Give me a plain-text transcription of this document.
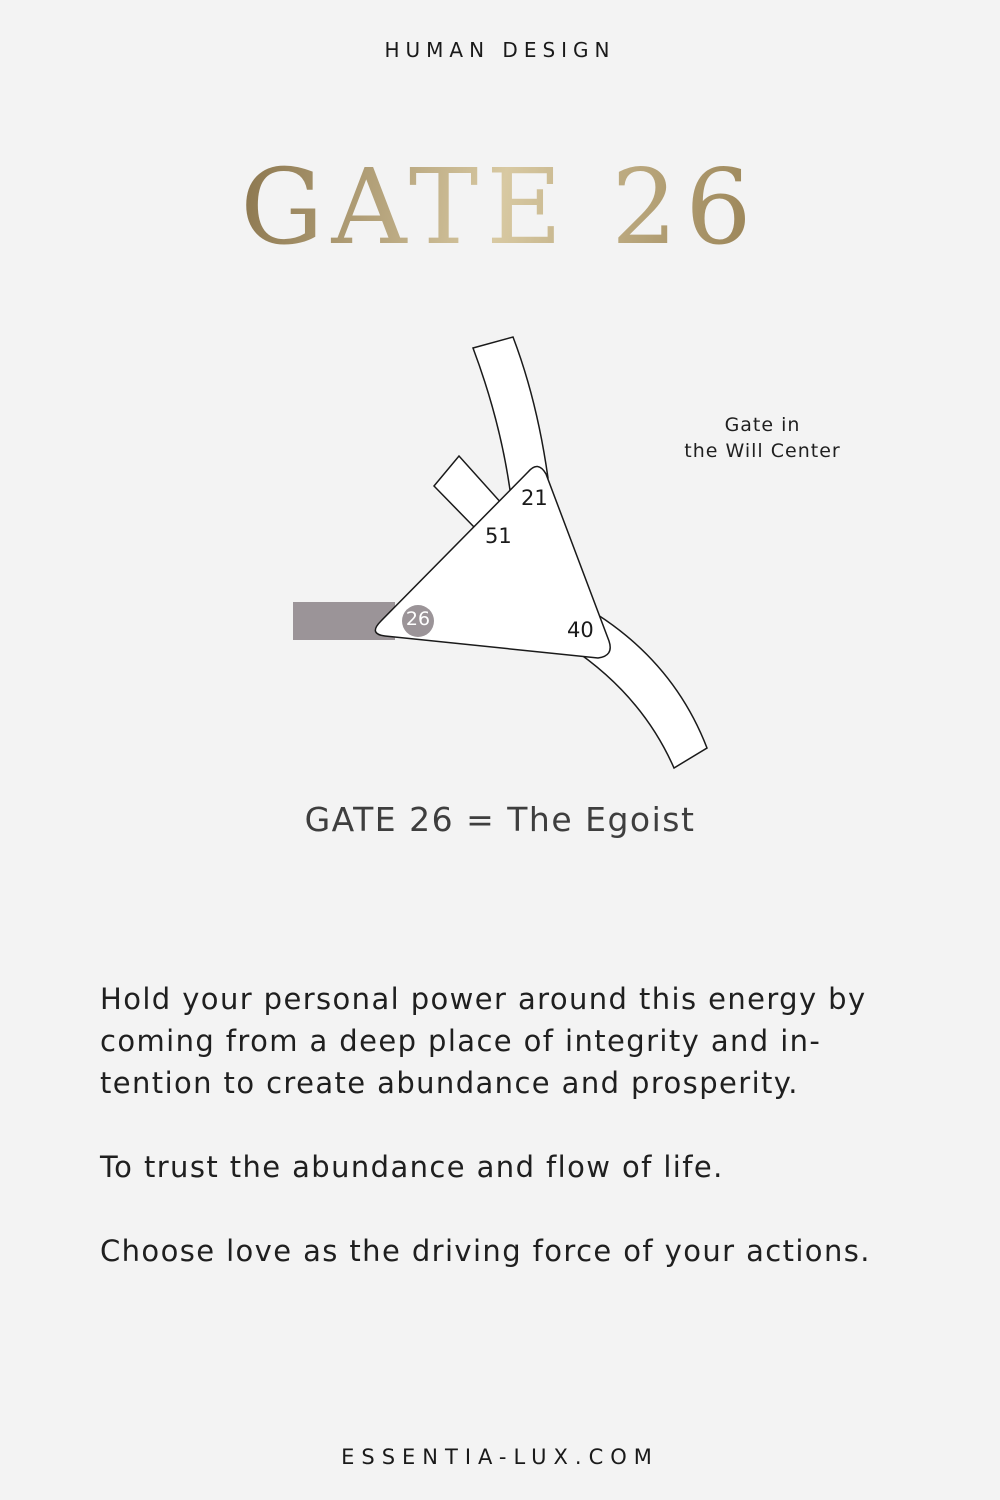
HUMAN DESIGN
GATE 26
21
51
26	40
Gate in
the Will Center
GATE 26 = The Egoist

Hold your personal power around this energy by coming from a deep place of integrity and in-tention to create abundance and prosperity.

To trust the abundance and flow of life.

Choose love as the driving force of your actions.

ESSENTIA-LUX.COM
